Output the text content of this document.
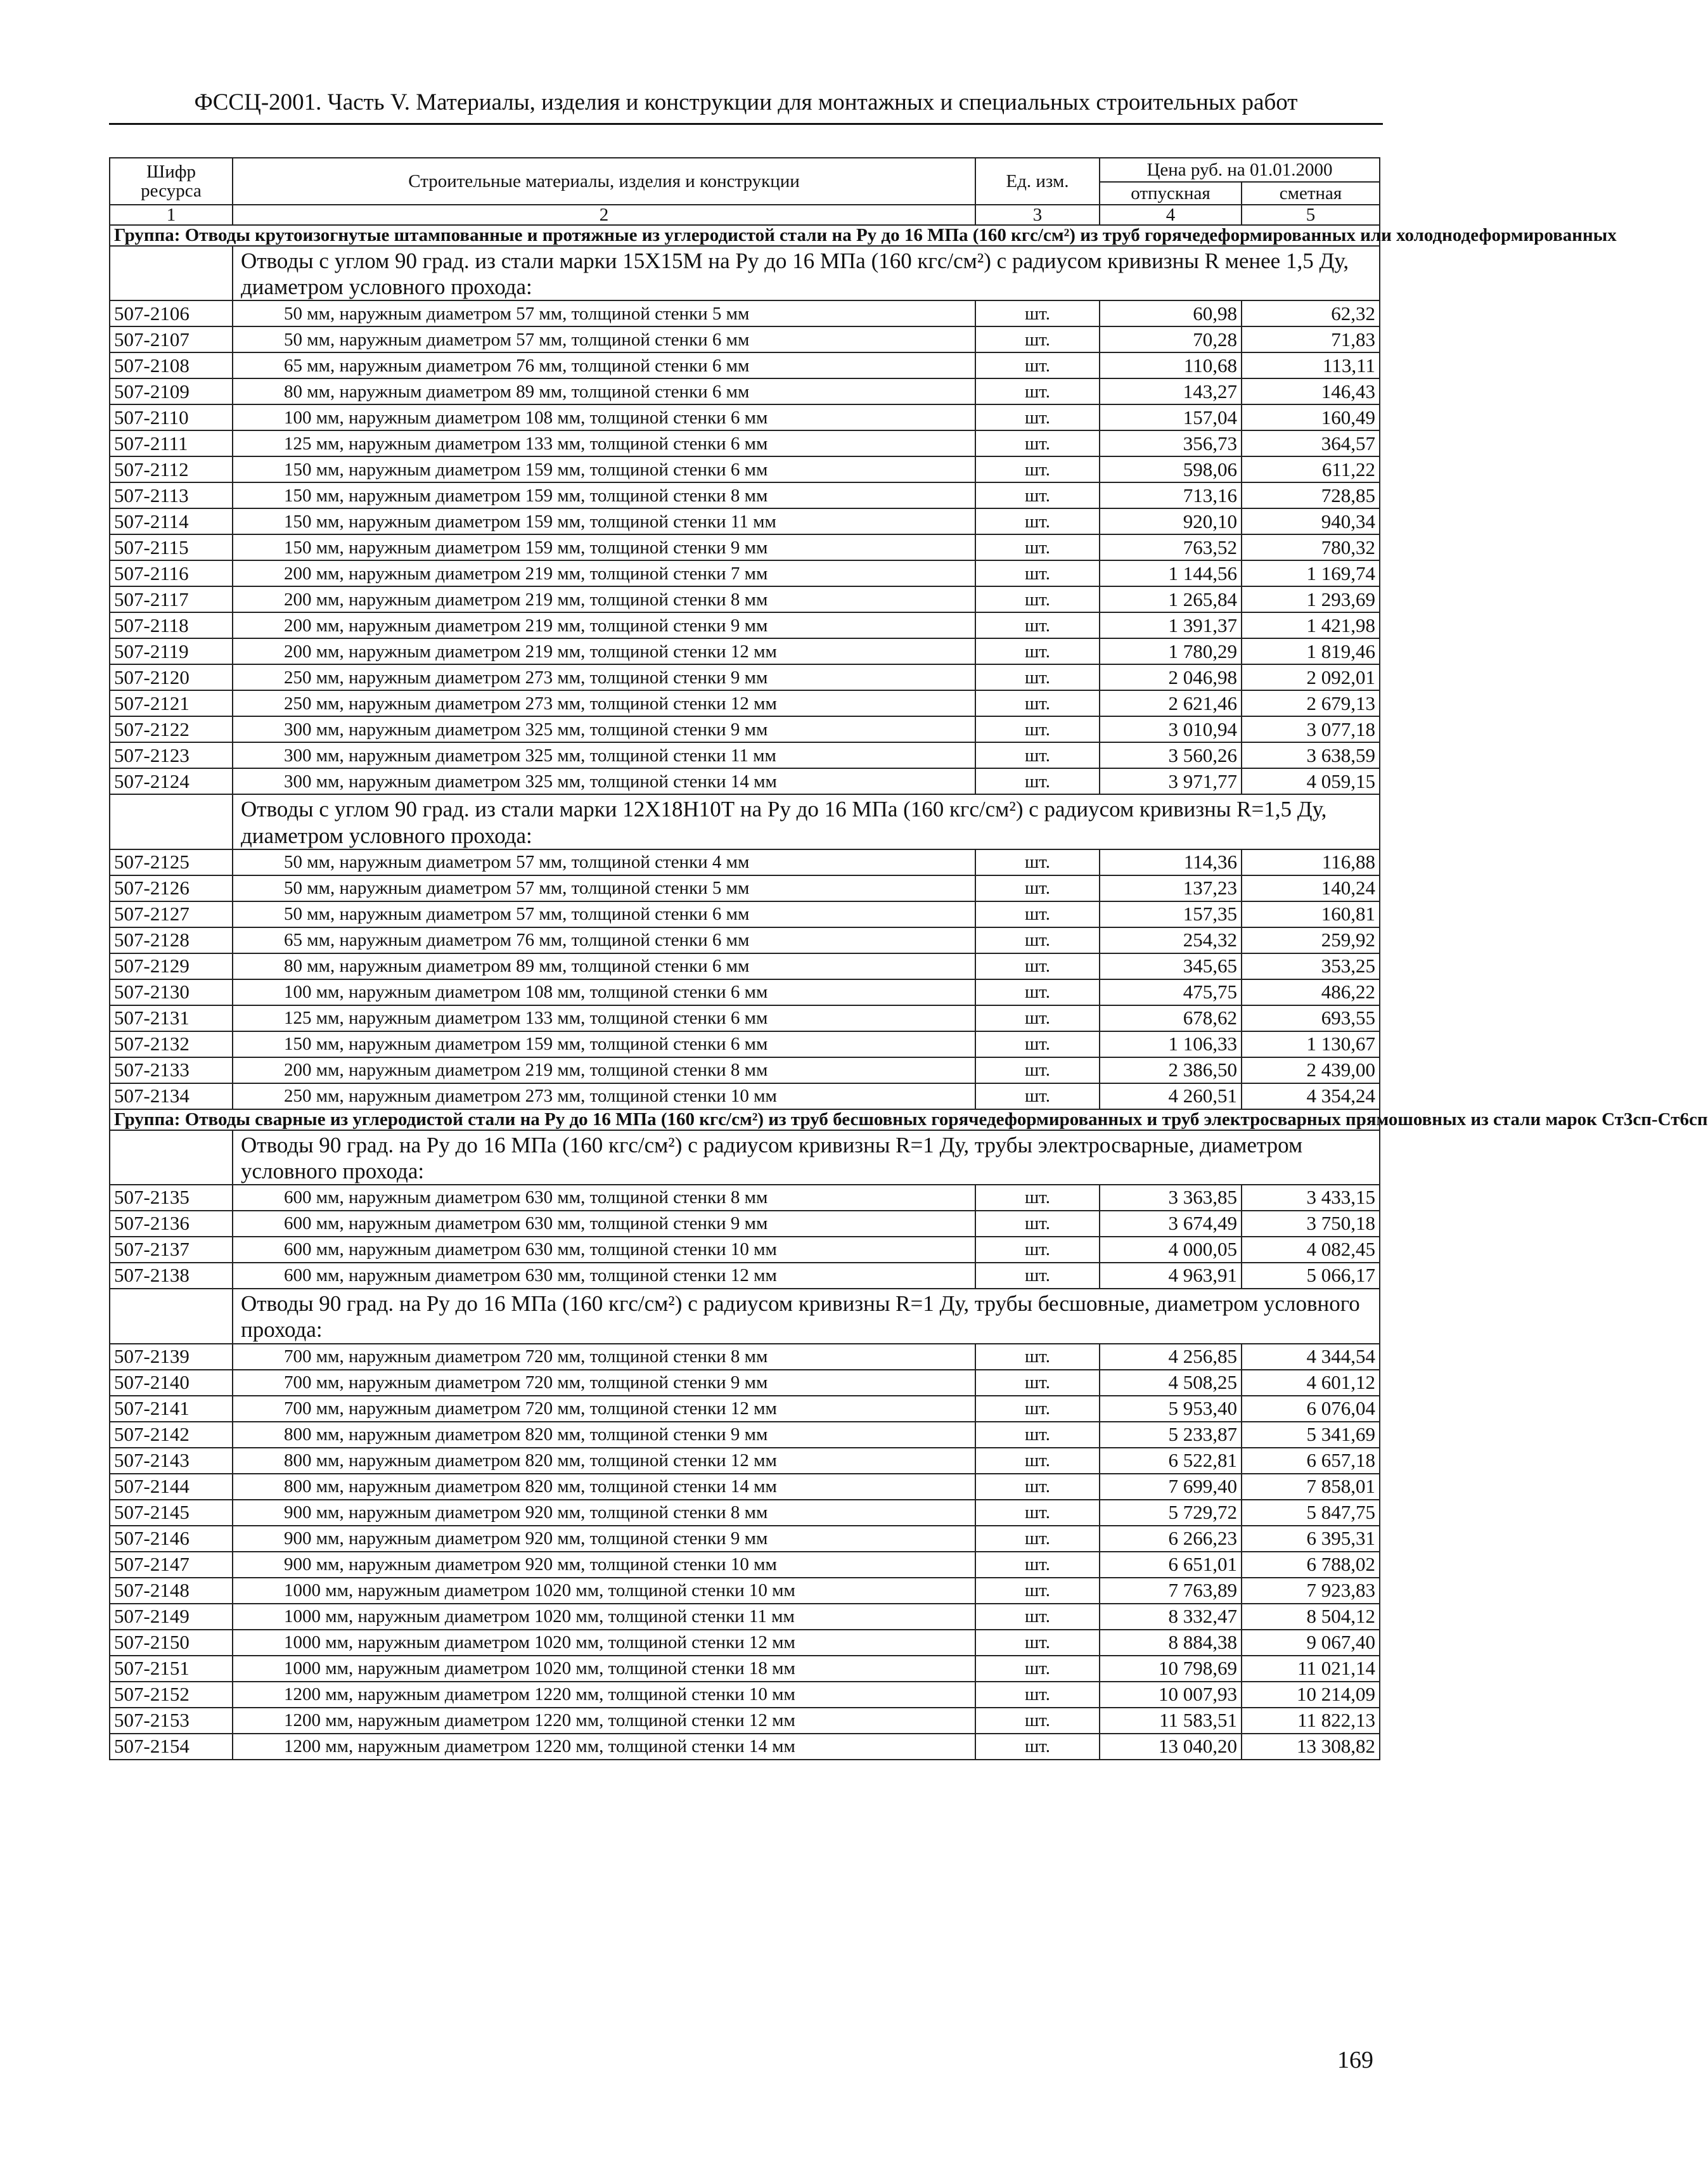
ФССЦ-2001. Часть V. Материалы, изделия и конструкции для монтажных и специальных строительных работ
Шифр ресурса	Строительные материалы, изделия и конструкции	Ед. изм.	Цена руб. на 01.01.2000	
			отпускная	сметная
1	2	3	4	5
Группа: Отводы крутоизогнутые штампованные и протяжные из углеродистой стали на Ру до 16 МПа (160 кгс/см²) из труб горячедеформированных или холоднодеформированных				
	Отводы с углом 90 град. из стали марки 15Х15М на Ру до 16 МПа (160 кгс/см²) с радиусом кривизны R менее 1,5 Ду, диаметром условного прохода:			
507-2106	50 мм, наружным диаметром 57 мм, толщиной стенки 5 мм	шт.	60,98	62,32
507-2107	50 мм, наружным диаметром 57 мм, толщиной стенки 6 мм	шт.	70,28	71,83
507-2108	65 мм, наружным диаметром 76 мм, толщиной стенки 6 мм	шт.	110,68	113,11
507-2109	80 мм, наружным диаметром 89 мм, толщиной стенки 6 мм	шт.	143,27	146,43
507-2110	100 мм, наружным диаметром 108 мм, толщиной стенки 6 мм	шт.	157,04	160,49
507-2111	125 мм, наружным диаметром 133 мм, толщиной стенки 6 мм	шт.	356,73	364,57
507-2112	150 мм, наружным диаметром 159 мм, толщиной стенки 6 мм	шт.	598,06	611,22
507-2113	150 мм, наружным диаметром 159 мм, толщиной стенки 8 мм	шт.	713,16	728,85
507-2114	150 мм, наружным диаметром 159 мм, толщиной стенки 11 мм	шт.	920,10	940,34
507-2115	150 мм, наружным диаметром 159 мм, толщиной стенки 9 мм	шт.	763,52	780,32
507-2116	200 мм, наружным диаметром 219 мм, толщиной стенки 7 мм	шт.	1 144,56	1 169,74
507-2117	200 мм, наружным диаметром 219 мм, толщиной стенки 8 мм	шт.	1 265,84	1 293,69
507-2118	200 мм, наружным диаметром 219 мм, толщиной стенки 9 мм	шт.	1 391,37	1 421,98
507-2119	200 мм, наружным диаметром 219 мм, толщиной стенки 12 мм	шт.	1 780,29	1 819,46
507-2120	250 мм, наружным диаметром 273 мм, толщиной стенки 9 мм	шт.	2 046,98	2 092,01
507-2121	250 мм, наружным диаметром 273 мм, толщиной стенки 12 мм	шт.	2 621,46	2 679,13
507-2122	300 мм, наружным диаметром 325 мм, толщиной стенки 9 мм	шт.	3 010,94	3 077,18
507-2123	300 мм, наружным диаметром 325 мм, толщиной стенки 11 мм	шт.	3 560,26	3 638,59
507-2124	300 мм, наружным диаметром 325 мм, толщиной стенки 14 мм	шт.	3 971,77	4 059,15
	Отводы с углом 90 град. из стали марки 12Х18Н10Т на Ру до 16 МПа (160 кгс/см²) с радиусом кривизны R=1,5 Ду, диаметром условного прохода:			
507-2125	50 мм, наружным диаметром 57 мм, толщиной стенки 4 мм	шт.	114,36	116,88
507-2126	50 мм, наружным диаметром 57 мм, толщиной стенки 5 мм	шт.	137,23	140,24
507-2127	50 мм, наружным диаметром 57 мм, толщиной стенки 6 мм	шт.	157,35	160,81
507-2128	65 мм, наружным диаметром 76 мм, толщиной стенки 6 мм	шт.	254,32	259,92
507-2129	80 мм, наружным диаметром 89 мм, толщиной стенки 6 мм	шт.	345,65	353,25
507-2130	100 мм, наружным диаметром 108 мм, толщиной стенки 6 мм	шт.	475,75	486,22
507-2131	125 мм, наружным диаметром 133 мм, толщиной стенки 6 мм	шт.	678,62	693,55
507-2132	150 мм, наружным диаметром 159 мм, толщиной стенки 6 мм	шт.	1 106,33	1 130,67
507-2133	200 мм, наружным диаметром 219 мм, толщиной стенки 8 мм	шт.	2 386,50	2 439,00
507-2134	250 мм, наружным диаметром 273 мм, толщиной стенки 10 мм	шт.	4 260,51	4 354,24
Группа: Отводы сварные из углеродистой стали на Ру до 16 МПа (160 кгс/см²) из труб бесшовных горячедеформированных и труб электросварных прямошовных из стали марок Ст3сп-Ст6сп				
	Отводы 90 град. на Ру до 16 МПа (160 кгс/см²) с радиусом кривизны R=1 Ду, трубы электросварные, диаметром условного прохода:			
507-2135	600 мм, наружным диаметром 630 мм, толщиной стенки 8 мм	шт.	3 363,85	3 433,15
507-2136	600 мм, наружным диаметром 630 мм, толщиной стенки 9 мм	шт.	3 674,49	3 750,18
507-2137	600 мм, наружным диаметром 630 мм, толщиной стенки 10 мм	шт.	4 000,05	4 082,45
507-2138	600 мм, наружным диаметром 630 мм, толщиной стенки 12 мм	шт.	4 963,91	5 066,17
	Отводы 90 град. на Ру до 16 МПа (160 кгс/см²) с радиусом кривизны R=1 Ду, трубы бесшовные, диаметром условного прохода:			
507-2139	700 мм, наружным диаметром 720 мм, толщиной стенки 8 мм	шт.	4 256,85	4 344,54
507-2140	700 мм, наружным диаметром 720 мм, толщиной стенки 9 мм	шт.	4 508,25	4 601,12
507-2141	700 мм, наружным диаметром 720 мм, толщиной стенки 12 мм	шт.	5 953,40	6 076,04
507-2142	800 мм, наружным диаметром 820 мм, толщиной стенки 9 мм	шт.	5 233,87	5 341,69
507-2143	800 мм, наружным диаметром 820 мм, толщиной стенки 12 мм	шт.	6 522,81	6 657,18
507-2144	800 мм, наружным диаметром 820 мм, толщиной стенки 14 мм	шт.	7 699,40	7 858,01
507-2145	900 мм, наружным диаметром 920 мм, толщиной стенки 8 мм	шт.	5 729,72	5 847,75
507-2146	900 мм, наружным диаметром 920 мм, толщиной стенки 9 мм	шт.	6 266,23	6 395,31
507-2147	900 мм, наружным диаметром 920 мм, толщиной стенки 10 мм	шт.	6 651,01	6 788,02
507-2148	1000 мм, наружным диаметром 1020 мм, толщиной стенки 10 мм	шт.	7 763,89	7 923,83
507-2149	1000 мм, наружным диаметром 1020 мм, толщиной стенки 11 мм	шт.	8 332,47	8 504,12
507-2150	1000 мм, наружным диаметром 1020 мм, толщиной стенки 12 мм	шт.	8 884,38	9 067,40
507-2151	1000 мм, наружным диаметром 1020 мм, толщиной стенки 18 мм	шт.	10 798,69	11 021,14
507-2152	1200 мм, наружным диаметром 1220 мм, толщиной стенки 10 мм	шт.	10 007,93	10 214,09
507-2153	1200 мм, наружным диаметром 1220 мм, толщиной стенки 12 мм	шт.	11 583,51	11 822,13
507-2154	1200 мм, наружным диаметром 1220 мм, толщиной стенки 14 мм	шт.	13 040,20	13 308,82
169
